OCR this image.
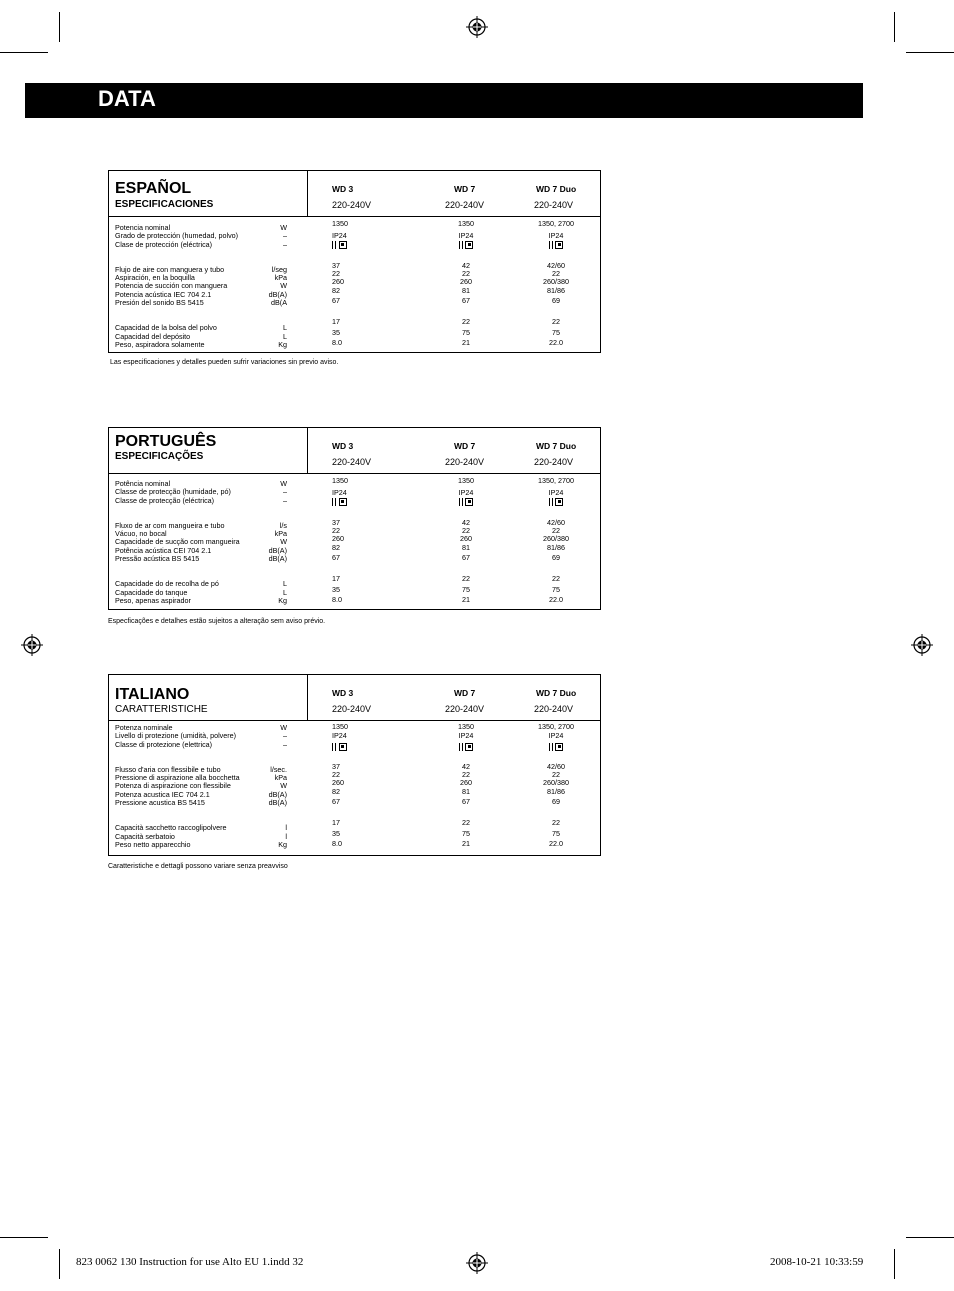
DATA
ESPAÑOL
ESPECIFICACIONES
WD 3
220-240V
WD 7
220-240V
WD 7 Duo
220-240V
Potencia nominal
Grado de protección (humedad, polvo)
Clase de protección (eléctrica)
Flujo de aire con manguera y tubo
Aspiración, en la boquilla
Potencia de succión con manguera
Potencia acústica IEC 704 2.1
Presión del sonido BS 5415
Capacidad de la bolsa del polvo
Capacidad del depósito
Peso, aspiradora solamente
W
–
–
l/seg
kPa
W
dB(A)
dB(A
L
L
Kg
1350
IP24
37
22
260
82
67
17
35
8.0
1350
IP24
42
22
260
81
67
22
75
21
1350, 2700
IP24
42/60
22
260/380
81/86
69
22
75
22.0
Las especificaciones y detalles pueden sufrir variaciones sin previo aviso.
PORTUGUÊS
ESPECIFICAÇÕES
WD 3
220-240V
WD 7
220-240V
WD 7 Duo
220-240V
Potência nominal
Classe de protecção (humidade, pó)
Classe de protecção (eléctrica)
Fluxo de ar com mangueira e tubo
Vácuo, no bocal
Capacidade de sucção com mangueira
Potência acústica CEI 704 2.1
Pressão acústica BS 5415
Capacidade do de recolha de pó
Capacidade do tanque
Peso, apenas aspirador
W
–
–
l/s
kPa
W
dB(A)
dB(A)
L
L
Kg
1350
IP24
37
22
260
82
67
17
35
8.0
1350
IP24
42
22
260
81
67
22
75
21
1350, 2700
IP24
42/60
22
260/380
81/86
69
22
75
22.0
Especficações e detalhes estão sujeitos a alteração sem aviso prévio.
ITALIANO
CARATTERISTICHE
WD 3
220-240V
WD 7
220-240V
WD 7 Duo
220-240V
Potenza nominale
Livello di protezione (umidità, polvere)
Classe di protezione (elettrica)
Flusso d'aria con flessibile e tubo
Pressione di aspirazione alla bocchetta
Potenza di aspirazione con flessibile
Potenza acustica IEC 704 2.1
Pressione acustica BS 5415
Capacità sacchetto raccoglipolvere
Capacità serbatoio
Peso netto apparecchio
W
–
–
l/sec.
kPa
W
dB(A)
dB(A)
l
l
Kg
1350
IP24
37
22
260
82
67
17
35
8.0
1350
IP24
42
22
260
81
67
22
75
21
1350, 2700
IP24
42/60
22
260/380
81/86
69
22
75
22.0
Caratteristiche e dettagli possono variare senza preavviso
823 0062 130 Instruction for use Alto EU 1.indd 32	2008-10-21 10:33:59
